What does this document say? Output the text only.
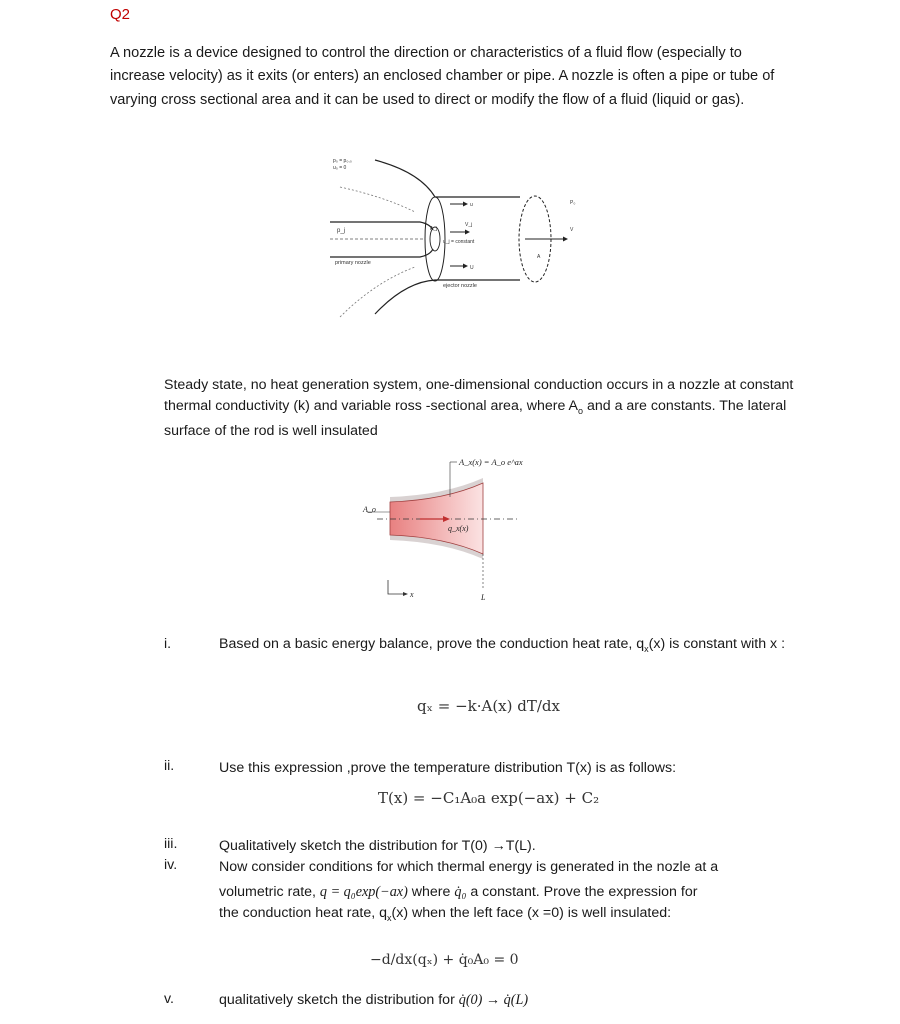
Q2
A nozzle is a device designed to control the direction or characteristics of a fluid flow (especially to increase velocity) as it exits (or enters) an enclosed chamber or pipe. A nozzle is often a pipe or tube of varying cross sectional area and it can be used to direct or modify the flow of a fluid (liquid or gas).
p₀ = p₀,₀
u₀ = 0
p_j	A_j
u
V_j
u_j = constant
primary nozzle
U
ejector nozzle
A
P₀
V
Steady state, no heat generation system, one-dimensional conduction occurs in a nozzle at constant thermal conductivity (k) and variable ross -sectional area, where $A_o$ and a are constants. The lateral surface of the rod is well insulated
A_o
q_x(x)
A_x(x) = A_o e^ax
x	L
i.	Based on a basic energy balance, prove the conduction heat rate, $q_x(x)$ is constant with x :
qₓ = −k·A(x) dT/dx
ii.	Use this expression ,prove the temperature distribution T(x) is as follows:
T(x) = −C₁A₀a exp(−ax) + C₂
iii.	Qualitatively sketch the distribution for T(0) →T(L).
iv.	Now consider conditions for which thermal energy is generated in the nozle at a
volumetric rate, q = q₀exp(−ax) where q̇₀ a constant. Prove the expression for
the conduction heat rate, $q_x(x)$ when the left face (x =0) is well insulated:
−d/dx(qₓ) + q̇₀A₀ = 0
v.	qualitatively sketch the distribution for q̇(0) → q̇(L)
